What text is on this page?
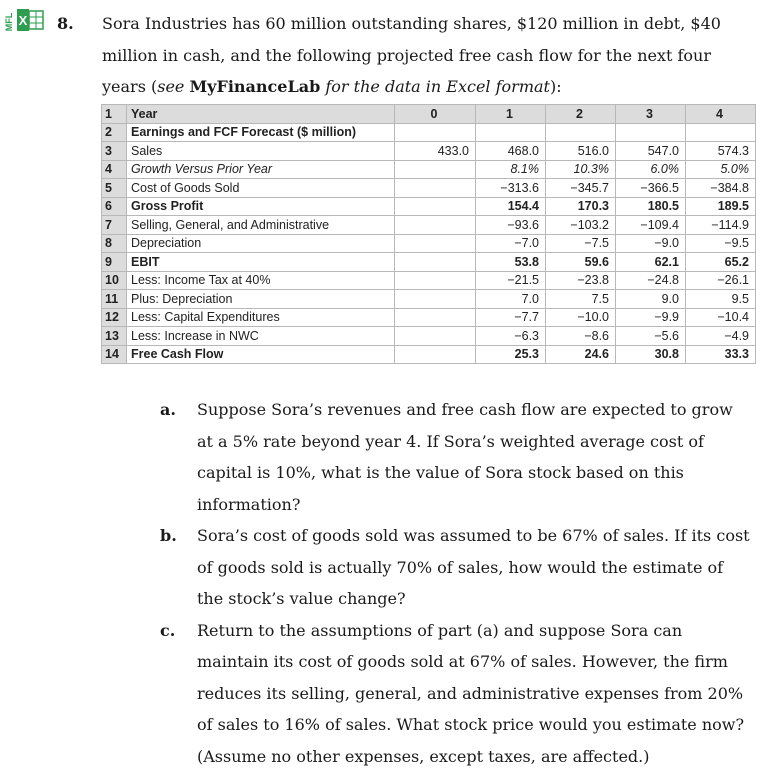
MFL X 8. Sora Industries has 60 million outstanding shares, $120 million in debt, $40 million in cash, and the following projected free cash flow for the next four years (see MyFinanceLab for the data in Excel format):
1	Year	0	1	2	3	4
2	Earnings and FCF Forecast ($ million)					
3	Sales	433.0	468.0	516.0	547.0	574.3
4	Growth Versus Prior Year		8.1%	10.3%	6.0%	5.0%
5	Cost of Goods Sold		−313.6	−345.7	−366.5	−384.8
6	Gross Profit		154.4	170.3	180.5	189.5
7	Selling, General, and Administrative		−93.6	−103.2	−109.4	−114.9
8	Depreciation		−7.0	−7.5	−9.0	−9.5
9	EBIT		53.8	59.6	62.1	65.2
10	Less: Income Tax at 40%		−21.5	−23.8	−24.8	−26.1
11	Plus: Depreciation		7.0	7.5	9.0	9.5
12	Less: Capital Expenditures		−7.7	−10.0	−9.9	−10.4
13	Less: Increase in NWC		−6.3	−8.6	−5.6	−4.9
14	Free Cash Flow		25.3	24.6	30.8	33.3
a.	Suppose Sora’s revenues and free cash flow are expected to grow at a 5% rate beyond year 4. If Sora’s weighted average cost of capital is 10%, what is the value of Sora stock based on this information?
b.	Sora’s cost of goods sold was assumed to be 67% of sales. If its cost of goods sold is actually 70% of sales, how would the estimate of the stock’s value change?
c.	Return to the assumptions of part (a) and suppose Sora can maintain its cost of goods sold at 67% of sales. However, the firm reduces its selling, general, and administrative expenses from 20% of sales to 16% of sales. What stock price would you estimate now? (Assume no other expenses, except taxes, are affected.)
